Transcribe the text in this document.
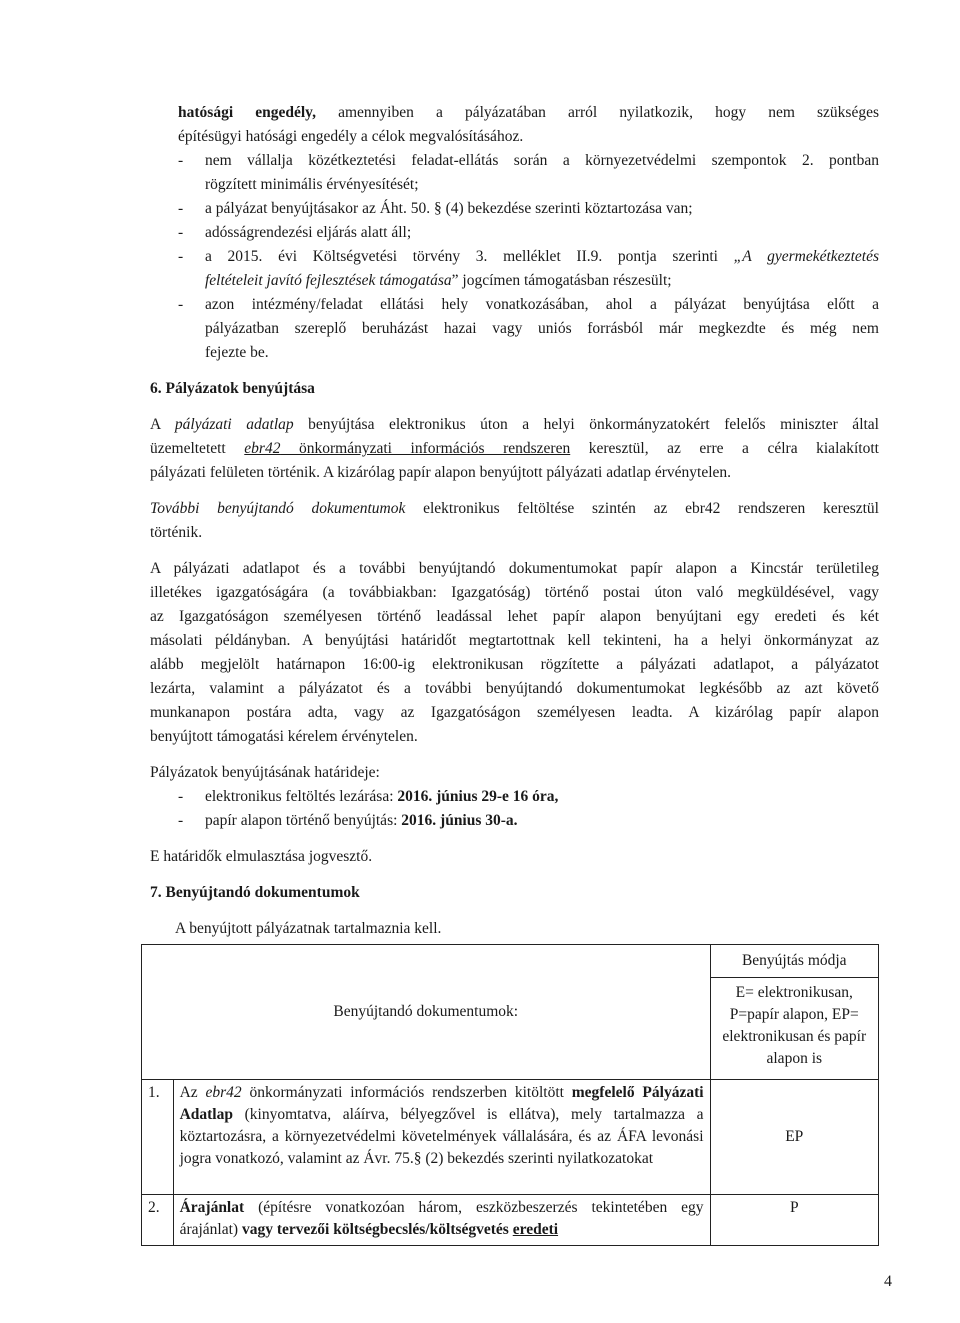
hatósági engedély, amennyiben a pályázatában arról nyilatkozik, hogy nem szükséges
építésügyi hatósági engedély a célok megvalósításához.
- nem vállalja közétkeztetési feladat-ellátás során a környezetvédelmi szempontok 2. pontban
rögzített minimális érvényesítését;
- a pályázat benyújtásakor az Áht. 50. § (4) bekezdése szerinti köztartozása van;
- adósságrendezési eljárás alatt áll;
- a 2015. évi Költségvetési törvény 3. melléklet II.9. pontja szerinti „A gyermekétkeztetés
feltételeit javító fejlesztések támogatása” jogcímen támogatásban részesült;
- azon intézmény/feladat ellátási hely vonatkozásában, ahol a pályázat benyújtása előtt a
pályázatban szereplő beruházást hazai vagy uniós forrásból már megkezdte és még nem
fejezte be.
6. Pályázatok benyújtása
A pályázati adatlap benyújtása elektronikus úton a helyi önkormányzatokért felelős miniszter által
üzemeltetett ebr42 önkormányzati információs rendszeren keresztül, az erre a célra kialakított
pályázati felületen történik. A kizárólag papír alapon benyújtott pályázati adatlap érvénytelen.
További benyújtandó dokumentumok elektronikus feltöltése szintén az ebr42 rendszeren keresztül
történik.
A pályázati adatlapot és a további benyújtandó dokumentumokat papír alapon a Kincstár területileg
illetékes igazgatóságára (a továbbiakban: Igazgatóság) történő postai úton való megküldésével, vagy
az Igazgatóságon személyesen történő leadással lehet papír alapon benyújtani egy eredeti és két
másolati példányban. A benyújtási határidőt megtartottnak kell tekinteni, ha a helyi önkormányzat az
alább megjelölt határnapon 16:00-ig elektronikusan rögzítette a pályázati adatlapot, a pályázatot
lezárta, valamint a pályázatot és a további benyújtandó dokumentumokat legkésőbb az azt követő
munkanapon postára adta, vagy az Igazgatóságon személyesen leadta. A kizárólag papír alapon
benyújtott támogatási kérelem érvénytelen.
Pályázatok benyújtásának határideje:
- elektronikus feltöltés lezárása: 2016. június 29-e 16 óra,
- papír alapon történő benyújtás: 2016. június 30-a.
E határidők elmulasztása jogvesztő.
7. Benyújtandó dokumentumok
A benyújtott pályázatnak tartalmaznia kell.
Benyújtandó dokumentumok:		Benyújtás módja
		E= elektronikusan, P=papír alapon, EP= elektronikusan és papír alapon is
1.	Az ebr42 önkormányzati információs rendszerben kitöltött megfelelő Pályázati Adatlap (kinyomtatva, aláírva, bélyegzővel is ellátva), mely tartalmazza a köztartozásra, a környezetvédelmi követelmények vállalására, és az ÁFA levonási jogra vonatkozó, valamint az Ávr. 75.§ (2) bekezdés szerinti nyilatkozatokat	EP
2.	Árajánlat (építésre vonatkozóan három, eszközbeszerzés tekintetében egy árajánlat) vagy tervezői költségbecslés/költségvetés eredeti	P
4
